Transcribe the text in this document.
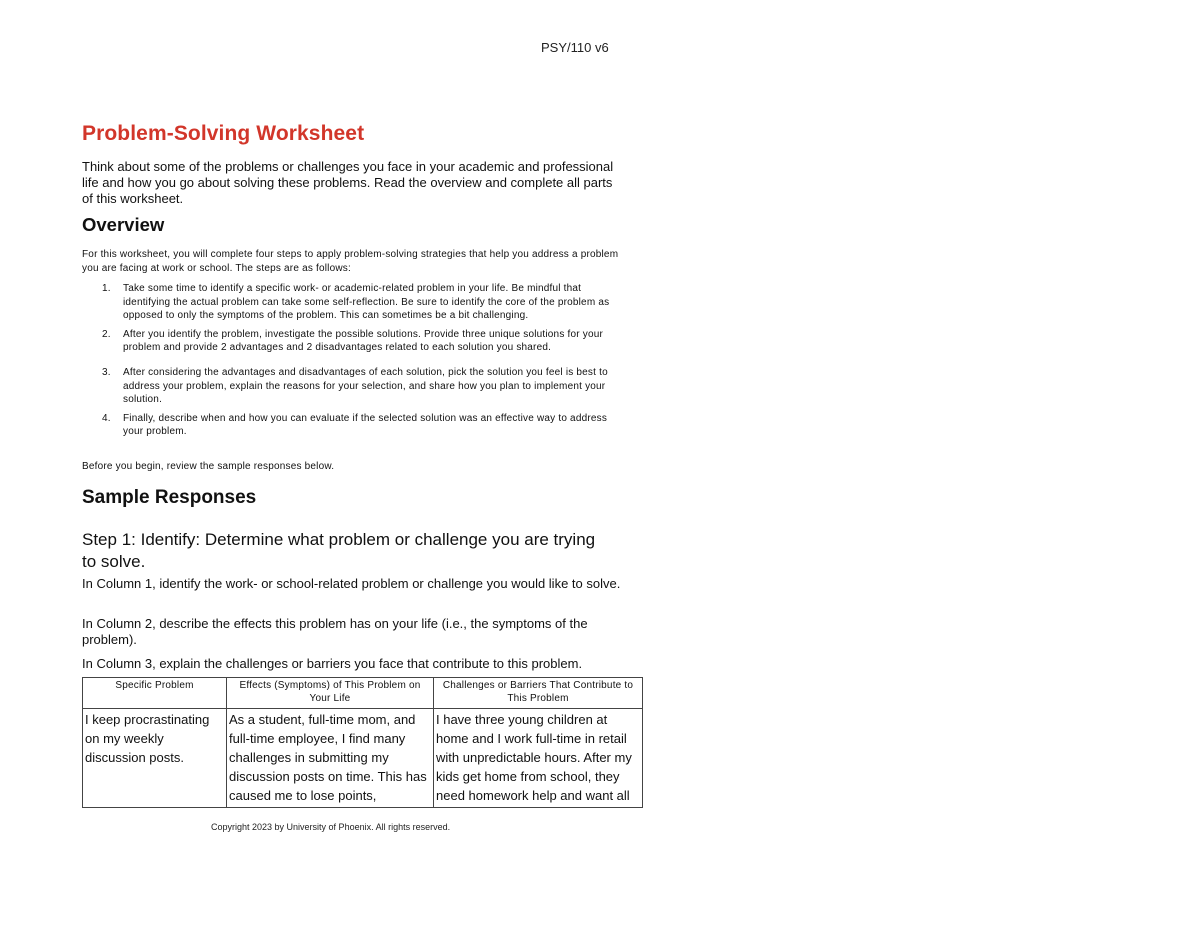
PSY/110 v6
Problem-Solving Worksheet

Think about some of the problems or challenges you face in your academic and professional life and how you go about solving these problems. Read the overview and complete all parts of this worksheet.

Overview

For this worksheet, you will complete four steps to apply problem-solving strategies that help you address a problem you are facing at work or school. The steps are as follows:

1. Take some time to identify a specific work- or academic-related problem in your life. Be mindful that identifying the actual problem can take some self-reflection. Be sure to identify the core of the problem as opposed to only the symptoms of the problem. This can sometimes be a bit challenging.
2. After you identify the problem, investigate the possible solutions. Provide three unique solutions for your problem and provide 2 advantages and 2 disadvantages related to each solution you shared.
3. After considering the advantages and disadvantages of each solution, pick the solution you feel is best to address your problem, explain the reasons for your selection, and share how you plan to implement your solution.
4. Finally, describe when and how you can evaluate if the selected solution was an effective way to address your problem.

Before you begin, review the sample responses below.

Sample Responses
Step 1: Identify: Determine what problem or challenge you are trying to solve.

In Column 1, identify the work- or school-related problem or challenge you would like to solve.

In Column 2, describe the effects this problem has on your life (i.e., the symptoms of the problem).

In Column 3, explain the challenges or barriers you face that contribute to this problem.

Specific Problem	Effects (Symptoms) of This Problem on Your Life	Challenges or Barriers That Contribute to This Problem

I keep procrastinating on my weekly discussion posts.	As a student, full-time mom, and full-time employee, I find many challenges in submitting my discussion posts on time. This has caused me to lose points,	I have three young children at home and I work full-time in retail with unpredictable hours. After my kids get home from school, they need homework help and want all

Copyright 2023 by University of Phoenix. All rights reserved.
